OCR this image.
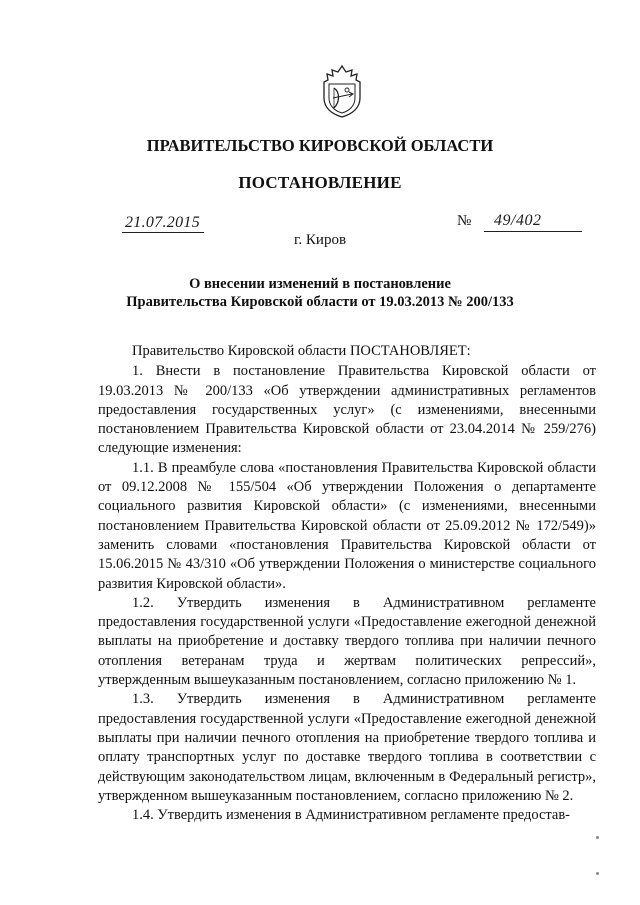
ПРАВИТЕЛЬСТВО КИРОВСКОЙ ОБЛАСТИ
ПОСТАНОВЛЕНИЕ
21.07.2015	№ 49/402
г. Киров
О внесении изменений в постановление
Правительства Кировской области от 19.03.2013 № 200/133

Правительство Кировской области ПОСТАНОВЛЯЕТ:

1. Внести в постановление Правительства Кировской области от 19.03.2013 № 200/133 «Об утверждении административных регламентов предоставления государственных услуг» (с изменениями, внесенными постановлением Правительства Кировской области от 23.04.2014 № 259/276) следующие изменения:

1.1. В преамбуле слова «постановления Правительства Кировской области от 09.12.2008 № 155/504 «Об утверждении Положения о департаменте социального развития Кировской области» (с изменениями, внесенными постановлением Правительства Кировской области от 25.09.2012 № 172/549)» заменить словами «постановления Правительства Кировской области от 15.06.2015 № 43/310 «Об утверждении Положения о министерстве социального развития Кировской области».

1.2. Утвердить изменения в Административном регламенте предоставления государственной услуги «Предоставление ежегодной денежной выплаты на приобретение и доставку твердого топлива при наличии печного отопления ветеранам труда и жертвам политических репрессий», утвержденным вышеуказанным постановлением, согласно приложению № 1.

1.3. Утвердить изменения в Административном регламенте предоставления государственной услуги «Предоставление ежегодной денежной выплаты при наличии печного отопления на приобретение твердого топлива и оплату транспортных услуг по доставке твердого топлива в соответствии с действующим законодательством лицам, включенным в Федеральный регистр», утвержденном вышеуказанным постановлением, согласно приложению № 2.

1.4. Утвердить изменения в Административном регламенте предостав-
